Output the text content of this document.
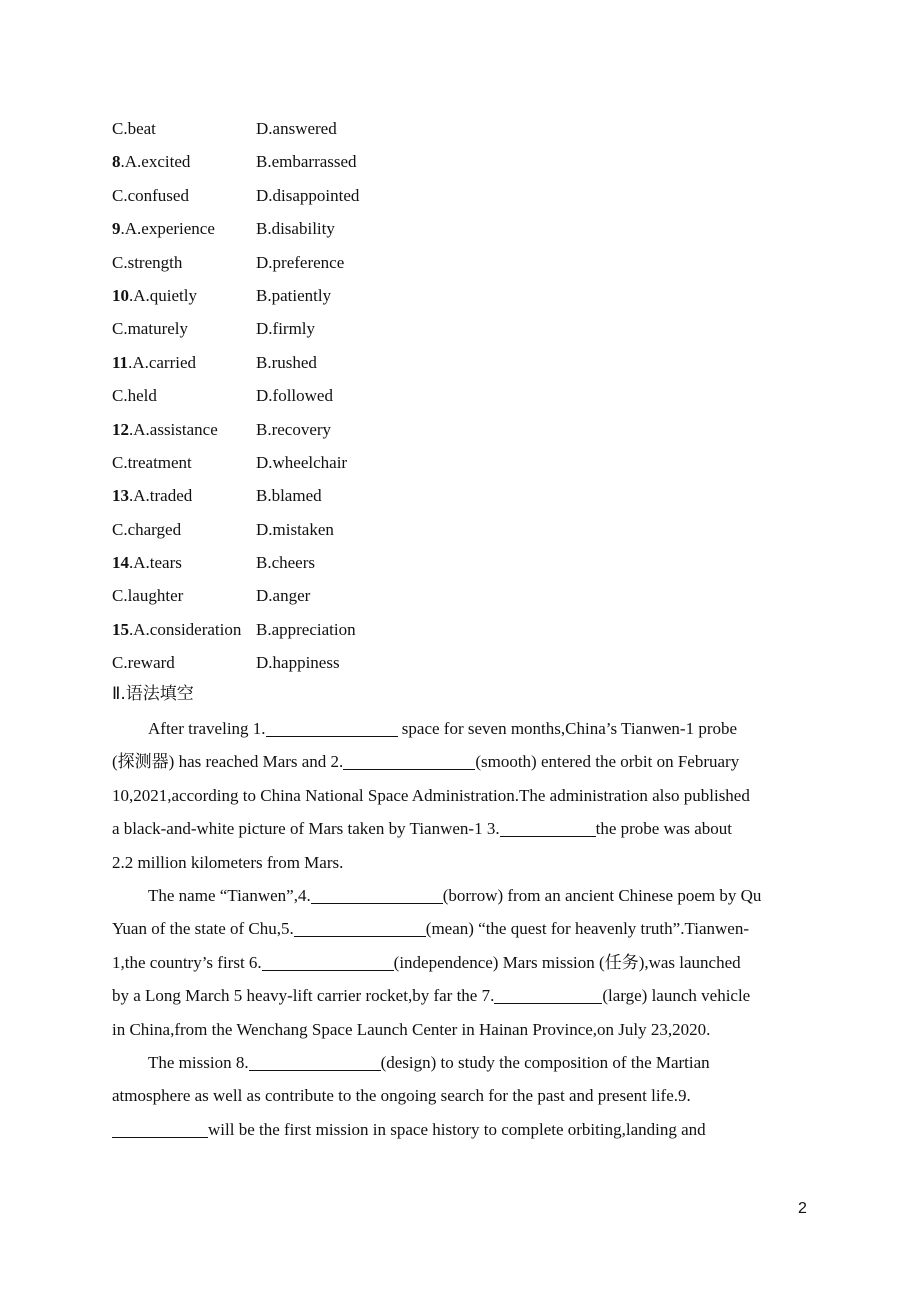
C.beat	D.answered
8.A.excited	B.embarrassed
C.confused	D.disappointed
9.A.experience B.disability
C.strength	D.preference
10.A.quietly	B.patiently
C.maturely	D.firmly
11.A.carried	B.rushed
C.held	D.followed
12.A.assistance B.recovery
C.treatment	D.wheelchair
13.A.traded	B.blamed
C.charged	D.mistaken
14.A.tears	B.cheers
C.laughter	D.anger
15.A.consideration B.appreciation
C.reward	D.happiness
Ⅱ.语法填空
After traveling 1.	space for seven months,China’s Tianwen-1 probe
(探测器) has reached Mars and 2.	(smooth) entered the orbit on February
10,2021,according to China National Space Administration.The administration also published
a black-and-white picture of Mars taken by Tianwen-1 3.	the probe was about
2.2 million kilometers from Mars.
The name “Tianwen”,4.	(borrow) from an ancient Chinese poem by Qu
Yuan of the state of Chu,5.	(mean) “the quest for heavenly truth”.Tianwen-
1,the country’s first 6.	(independence) Mars mission (任务),was launched
by a Long March 5 heavy-lift carrier rocket,by far the 7.	(large) launch vehicle
in China,from the Wenchang Space Launch Center in Hainan Province,on July 23,2020.
The mission 8.	(design) to study the composition of the Martian
atmosphere as well as contribute to the ongoing search for the past and present life.9.
will be the first mission in space history to complete orbiting,landing and
2
